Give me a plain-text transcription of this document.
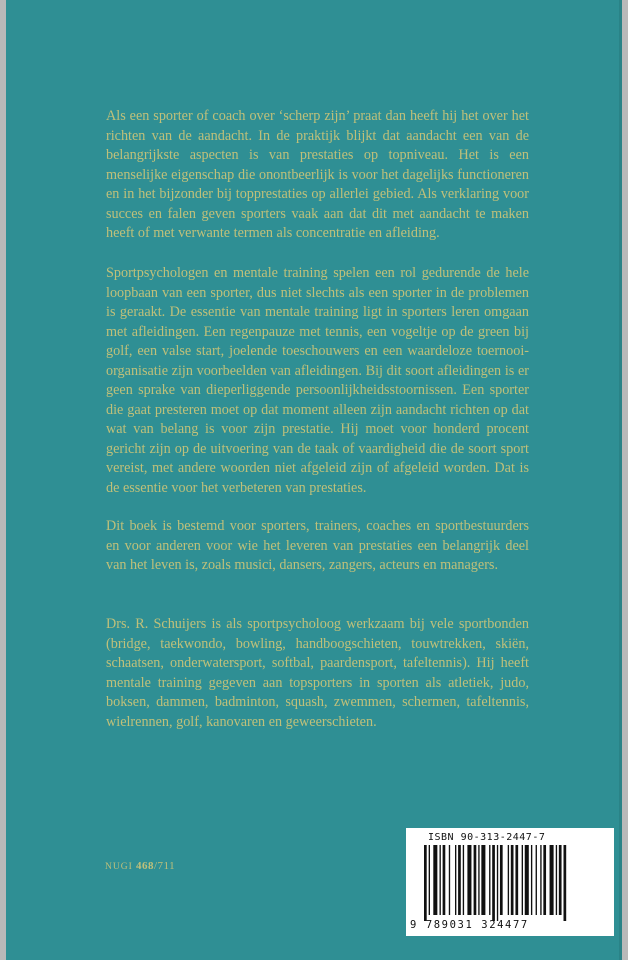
Als een sporter of coach over ‘scherp zijn’ praat dan heeft hij het over het richten van de aandacht. In de praktijk blijkt dat aandacht een van de belangrijkste aspecten is van prestaties op topniveau. Het is een menselijke eigenschap die onontbeerlijk is voor het dagelijks functioneren en in het bijzonder bij topprestaties op allerlei gebied. Als verklaring voor succes en falen geven sporters vaak aan dat dit met aandacht te maken heeft of met verwante termen als concentratie en afleiding.

Sportpsychologen en mentale training spelen een rol gedurende de hele loopbaan van een sporter, dus niet slechts als een sporter in de problemen is geraakt. De essentie van mentale training ligt in sporters leren omgaan met afleidingen. Een regenpauze met tennis, een vogeltje op de green bij golf, een valse start, joelende toeschouwers en een waardeloze toernooi-organisatie zijn voorbeelden van afleidingen. Bij dit soort afleidingen is er geen sprake van dieperliggende persoonlijkheidsstoornissen. Een sporter die gaat presteren moet op dat moment alleen zijn aandacht richten op dat wat van belang is voor zijn prestatie. Hij moet voor honderd procent gericht zijn op de uitvoering van de taak of vaardigheid die de soort sport vereist, met andere woorden niet afgeleid zijn of afgeleid worden. Dat is de essentie voor het verbeteren van prestaties.

Dit boek is bestemd voor sporters, trainers, coaches en sportbestuurders en voor anderen voor wie het leveren van prestaties een belangrijk deel van het leven is, zoals musici, dansers, zangers, acteurs en managers.

Drs. R. Schuijers is als sportpsycholoog werkzaam bij vele sportbonden (bridge, taekwondo, bowling, handboogschieten, touwtrekken, skiën, schaatsen, onderwatersport, softbal, paardensport, tafeltennis). Hij heeft mentale training gegeven aan topsporters in sporten als atletiek, judo, boksen, dammen, badminton, squash, zwemmen, schermen, tafeltennis, wielrennen, golf, kanovaren en geweerschieten.

NUGI 468/711
ISBN 90-313-2447-7
9 789031 324477
